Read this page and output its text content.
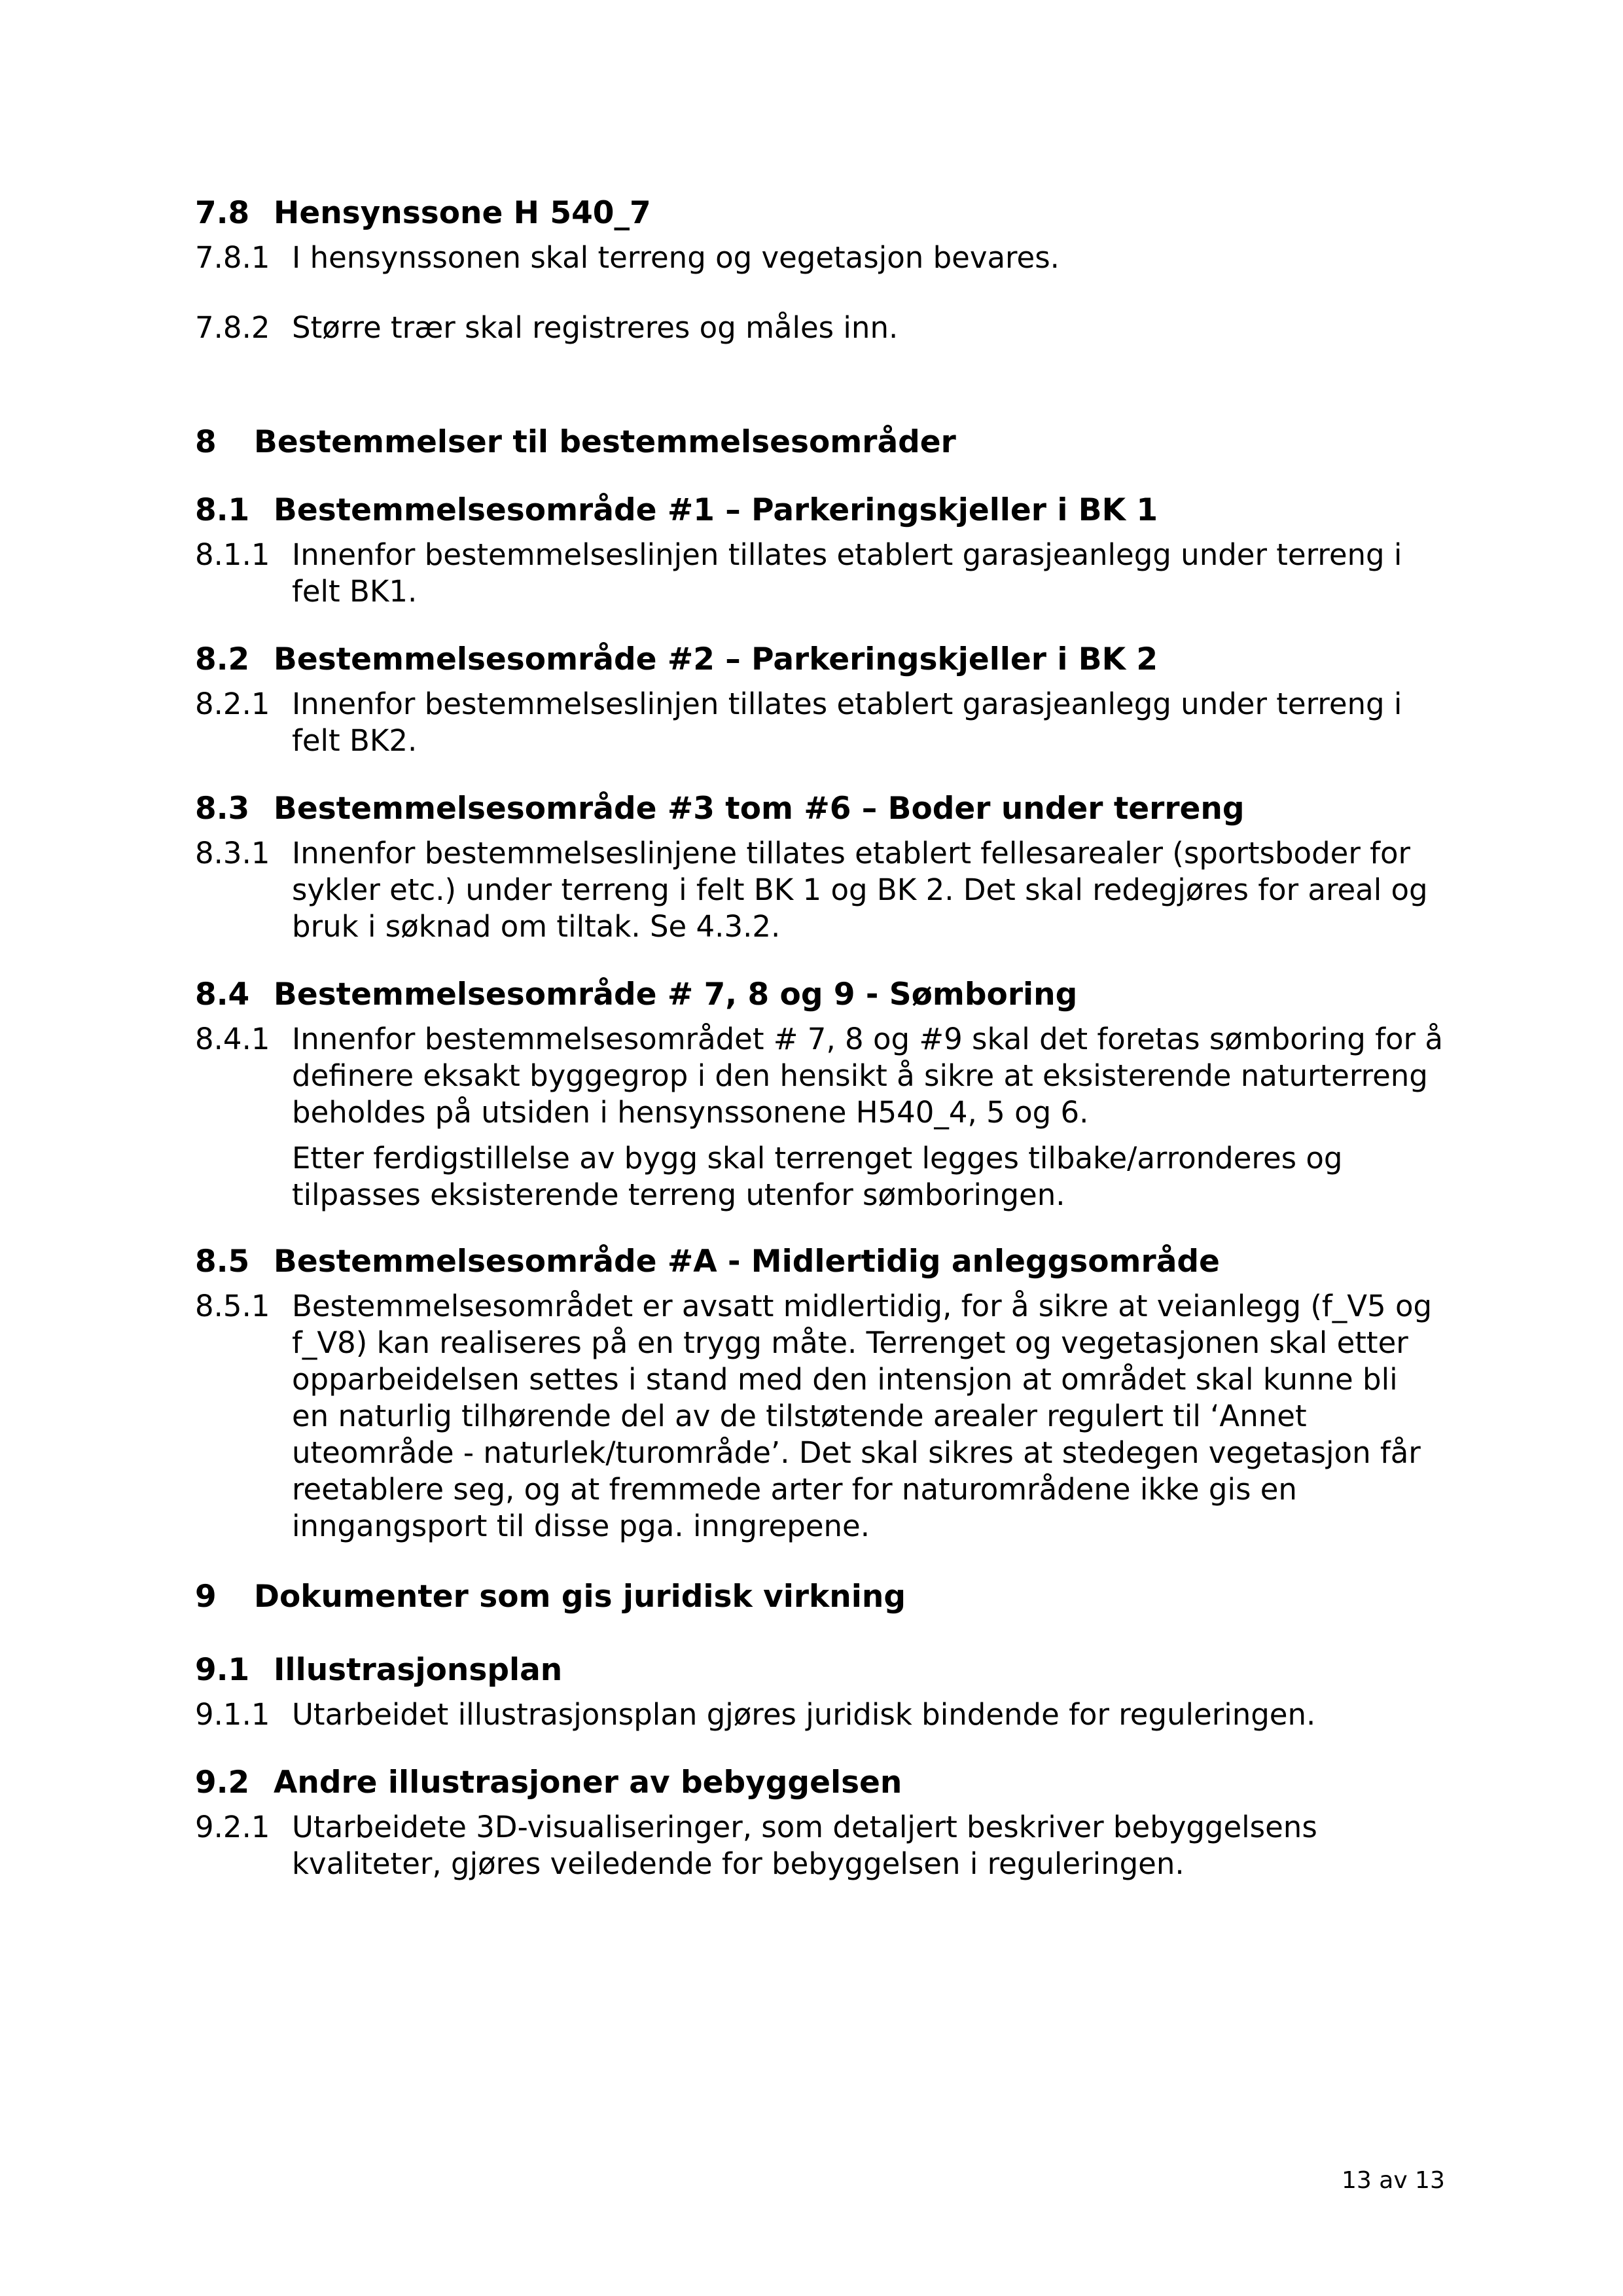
7.8 Hensynssone H 540_7
7.8.1 I hensynssonen skal terreng og vegetasjon bevares.
7.8.2 Større trær skal registreres og måles inn.
8 Bestemmelser til bestemmelsesområder
8.1 Bestemmelsesområde #1 – Parkeringskjeller i BK 1
8.1.1 Innenfor bestemmelseslinjen tillates etablert garasjeanlegg under terreng i felt BK1.
8.2 Bestemmelsesområde #2 – Parkeringskjeller i BK 2
8.2.1 Innenfor bestemmelseslinjen tillates etablert garasjeanlegg under terreng i felt BK2.
8.3 Bestemmelsesområde #3 tom #6 – Boder under terreng
8.3.1 Innenfor bestemmelseslinjene tillates etablert fellesarealer (sportsboder for sykler etc.) under terreng i felt BK 1 og BK 2. Det skal redegjøres for areal og bruk i søknad om tiltak. Se 4.3.2.
8.4 Bestemmelsesområde # 7, 8 og 9 - Sømboring
8.4.1 Innenfor bestemmelsesområdet # 7, 8 og #9 skal det foretas sømboring for å definere eksakt byggegrop i den hensikt å sikre at eksisterende naturterreng beholdes på utsiden i hensynssonene H540_4, 5 og 6.
Etter ferdigstillelse av bygg skal terrenget legges tilbake/arronderes og tilpasses eksisterende terreng utenfor sømboringen.
8.5 Bestemmelsesområde #A - Midlertidig anleggsområde
8.5.1 Bestemmelsesområdet er avsatt midlertidig, for å sikre at veianlegg (f_V5 og f_V8) kan realiseres på en trygg måte. Terrenget og vegetasjonen skal etter opparbeidelsen settes i stand med den intensjon at området skal kunne bli en naturlig tilhørende del av de tilstøtende arealer regulert til ‘Annet uteområde - naturlek/turområde’. Det skal sikres at stedegen vegetasjon får reetablere seg, og at fremmede arter for naturområdene ikke gis en inngangsport til disse pga. inngrepene.
9 Dokumenter som gis juridisk virkning
9.1 Illustrasjonsplan
9.1.1 Utarbeidet illustrasjonsplan gjøres juridisk bindende for reguleringen.
9.2 Andre illustrasjoner av bebyggelsen
9.2.1 Utarbeidete 3D-visualiseringer, som detaljert beskriver bebyggelsens kvaliteter, gjøres veiledende for bebyggelsen i reguleringen.
13 av 13
